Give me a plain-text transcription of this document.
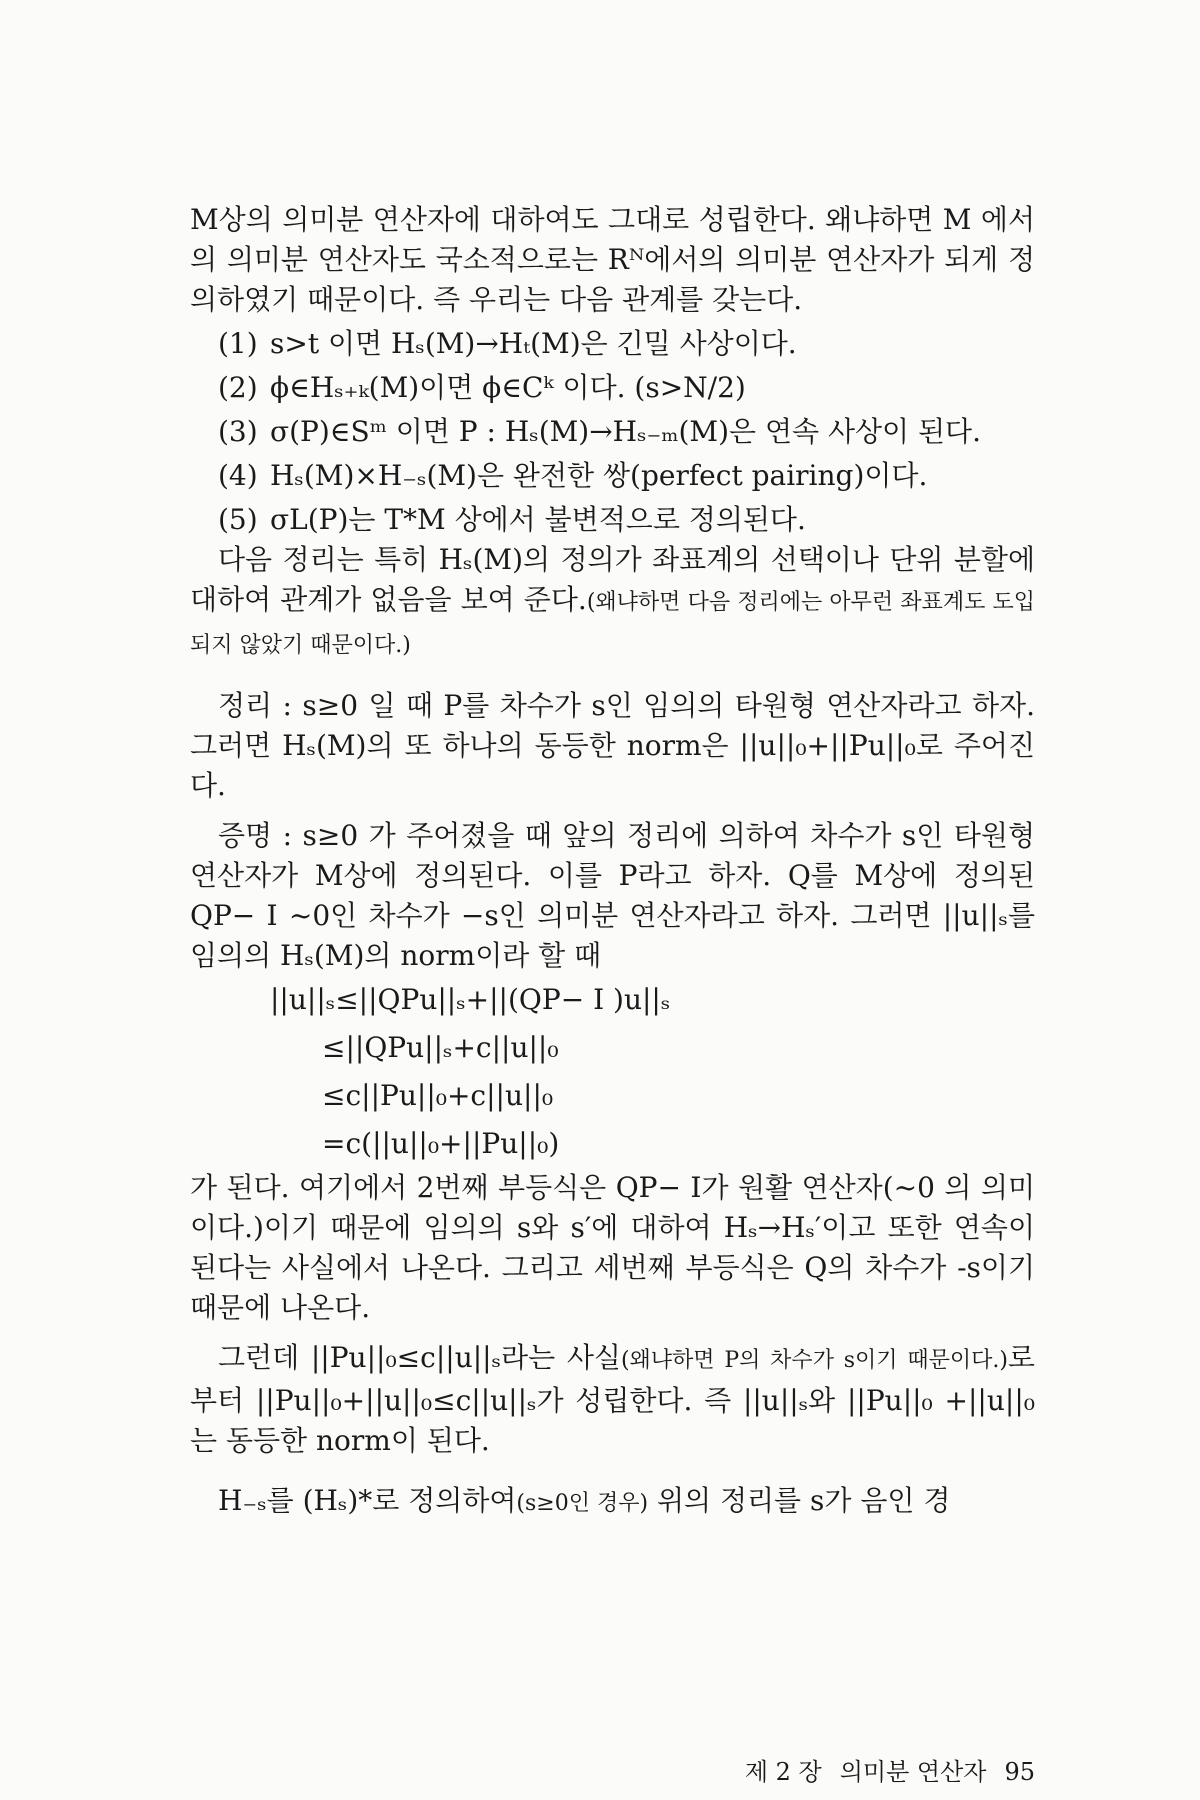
M상의 의미분 연산자에 대하여도 그대로 성립한다. 왜냐하면 M 에서의 의미분 연산자도 국소적으로는 Rᴺ에서의 의미분 연산자가 되게 정의하였기 때문이다. 즉 우리는 다음 관계를 갖는다.

(1) s>t 이면 Hₛ(M)→Hₜ(M)은 긴밀 사상이다.

(2) ϕ∈Hₛ₊ₖ(M)이면 ϕ∈Cᵏ 이다. (s>N/2)

(3) σ(P)∈Sᵐ 이면 P : Hₛ(M)→Hₛ₋ₘ(M)은 연속 사상이 된다.

(4) Hₛ(M)×H₋ₛ(M)은 완전한 쌍(perfect pairing)이다.

(5) σL(P)는 T*M 상에서 불변적으로 정의된다.

다음 정리는 특히 Hₛ(M)의 정의가 좌표계의 선택이나 단위 분할에 대하여 관계가 없음을 보여 준다.(왜냐하면 다음 정리에는 아무런 좌표계도 도입되지 않았기 때문이다.)

정리 : s≥0 일 때 P를 차수가 s인 임의의 타원형 연산자라고 하자. 그러면 Hₛ(M)의 또 하나의 동등한 norm은 ||u||₀+||Pu||₀로 주어진다.

증명 : s≥0 가 주어졌을 때 앞의 정리에 의하여 차수가 s인 타원형 연산자가 M상에 정의된다. 이를 P라고 하자. Q를 M상에 정의된 QP− I ~0인 차수가 −s인 의미분 연산자라고 하자. 그러면 ||u||ₛ를 임의의 Hₛ(M)의 norm이라 할 때

||u||ₛ≤||QPu||ₛ+||(QP− I )u||ₛ
≤||QPu||ₛ+c||u||₀
≤c||Pu||₀+c||u||₀
=c(||u||₀+||Pu||₀)

가 된다. 여기에서 2번째 부등식은 QP− I가 원활 연산자(~0 의 의미이다.)이기 때문에 임의의 s와 s′에 대하여 Hₛ→Hₛ′이고 또한 연속이 된다는 사실에서 나온다. 그리고 세번째 부등식은 Q의 차수가 -s이기 때문에 나온다.

그런데 ||Pu||₀≤c||u||ₛ라는 사실(왜냐하면 P의 차수가 s이기 때문이다.)로부터 ||Pu||₀+||u||₀≤c||u||ₛ가 성립한다. 즉 ||u||ₛ와 ||Pu||₀ +||u||₀는 동등한 norm이 된다.

H₋ₛ를 (Hₛ)*로 정의하여(s≥0인 경우) 위의 정리를 s가 음인 경

제 2 장 의미분 연산자 95
